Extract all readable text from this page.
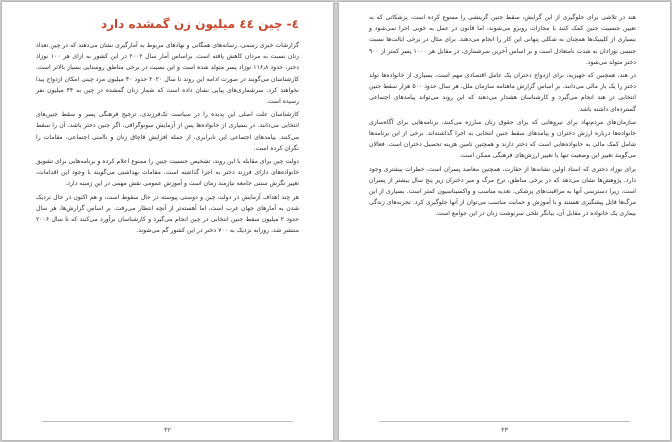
٤- چین ٤٤ میلیون زن گمشده دارد

گزارشات خبری رسمی، رسانه‌های همگانی و نهادهای مربوط به آمارگیری نشان می‌دهند که در چین تعداد زنان نسبت به مردان کاهش یافته است. براساس آمار سال ۲۰۰۲ در این کشور به ازای هر ۱۰۰ نوزاد دختر، حدود ۱۱۶٫۸ نوزاد پسر متولد شده است و این نسبت در برخی مناطق روستایی بسیار بالاتر است. کارشناسان می‌گویند در صورت ادامه این روند تا سال ۲۰۲۰ حدود ۴۰ میلیون مرد چینی امکان ازدواج پیدا نخواهند کرد. سرشماری‌های پیاپی نشان داده است که شمار زنان گمشده در چین به ۴۴ میلیون نفر رسیده است.

کارشناسان علت اصلی این پدیده را در سیاست تک‌فرزندی، ترجیح فرهنگی پسر و سقط جنین‌های انتخابی می‌دانند. در بسیاری از خانواده‌ها پس از آزمایش سونوگرافی، اگر جنین دختر باشد، آن را سقط می‌کنند. پیامدهای اجتماعی این نابرابری، از جمله افزایش قاچاق زنان و ناامنی اجتماعی، مقامات را نگران کرده است.

دولت چین برای مقابله با این روند، تشخیص جنسیت جنین را ممنوع اعلام کرده و برنامه‌هایی برای تشویق خانواده‌های دارای فرزند دختر به اجرا گذاشته است. مقامات بهداشتی می‌گویند با وجود این اقدامات، تغییر نگرش سنتی جامعه نیازمند زمان است و آموزش عمومی نقش مهمی در این زمینه دارد.

هر چند اهداف آزمایش در دولت چین و دوستی پیوسته در حال سقوط است، و هم اکنون در حال نزدیک شدن به آمارهای جهان غرب است، اما آهسته‌تر از آنچه انتظار می‌رفت. بر اساس گزارش‌ها، هر سال حدود ۲ میلیون سقط جنین انتخابی در چین انجام می‌گیرد و کارشناسان برآورد می‌کنند که تا سال ۲۰۰۶ منتشر شد، روزانه نزدیک به ۷۰۰ دختر در این کشور گم می‌شوند.

٣٢

هند در تلاشی برای جلوگیری از این گرایش، سقط جنین گزینشی را ممنوع کرده است. پزشکانی که به تعیین جنسیت جنین کمک کنند با مجازات روبرو می‌شوند، اما قانون در عمل به خوبی اجرا نمی‌شود و بسیاری از کلینیک‌ها همچنان به شکلی پنهانی این کار را انجام می‌دهند. برای مثال در برخی ایالت‌ها نسبت جنسی نوزادان به شدت نامتعادل است و بر اساس آخرین سرشماری، در مقابل هر ۱۰۰۰ پسر کمتر از ۹۰۰ دختر متولد می‌شود.

در هند، همچنین که جهیزیه، برای ازدواج دختران یک عامل اقتصادی مهم است، بسیاری از خانواده‌ها تولد دختر را یک بار مالی می‌دانند. بر اساس گزارش ماهنامه سازمان ملل، هر سال حدود ۵۰۰ هزار سقط جنین انتخابی در هند انجام می‌گیرد و کارشناسان هشدار می‌دهند که این روند می‌تواند پیامدهای اجتماعی گسترده‌ای داشته باشد.

سازمان‌های مردم‌نهاد برای نیروهایی که برای حقوق زنان مبارزه می‌کنند، برنامه‌هایی برای آگاه‌سازی خانواده‌ها درباره ارزش دختران و پیامدهای سقط جنین انتخابی به اجرا گذاشته‌اند. برخی از این برنامه‌ها شامل کمک مالی به خانواده‌هایی است که دختر دارند و همچنین تامین هزینه تحصیل دختران است. فعالان می‌گویند تغییر این وضعیت تنها با تغییر ارزش‌های فرهنگی ممکن است.

برای نوزاد دختری که اسناد اولین نشانه‌ها از حقارت، همچنین معاضد پسران است، خطرات بیشتری وجود دارد. پژوهش‌ها نشان می‌دهد که در برخی مناطق، نرخ مرگ و میر دختران زیر پنج سال بیشتر از پسران است، زیرا دسترسی آنها به مراقبت‌های پزشکی، تغذیه مناسب و واکسیناسیون کمتر است. بسیاری از این مرگ‌ها قابل پیشگیری هستند و با آموزش و حمایت مناسب می‌توان از آنها جلوگیری کرد. تجربه‌های زندگی بیماری یک خانواده در مقابل آن، بیانگر تلخی سرنوشت زنان در این جوامع است.

٣٣
